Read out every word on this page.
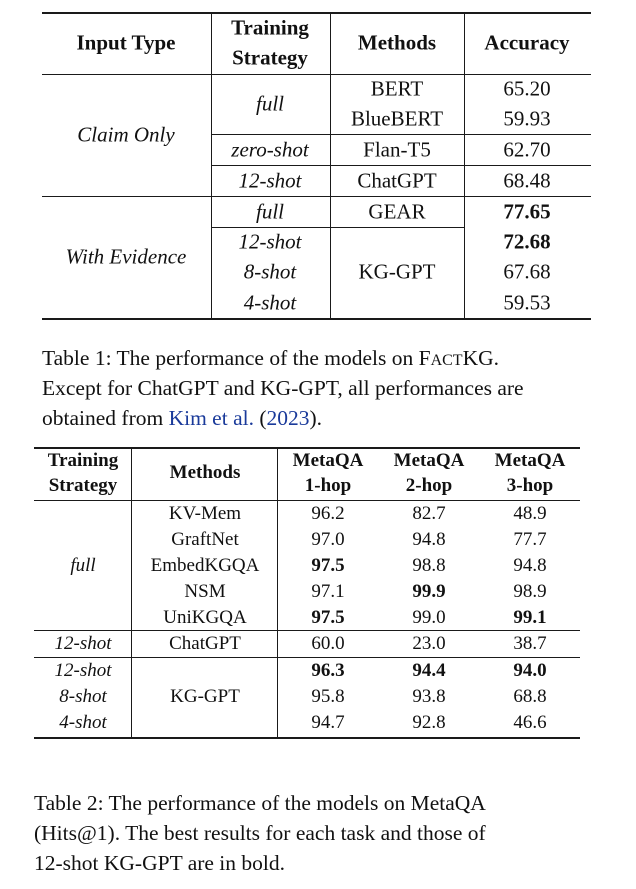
Input Type
Training
Strategy
Methods Accuracy
Claim Only
With Evidence
full
zero-shot
12-shot
full
12-shot
8-shot
4-shot
BERT
BlueBERT
Flan-T5
ChatGPT
GEAR
KG-GPT
65.20
59.93
62.70
68.48
77.65
72.68
67.68
59.53
Table 1: The performance of the models on FACTKG.
Except for ChatGPT and KG-GPT, all performances are
obtained from Kim et al. (2023).
Training
Strategy
Methods
MetaQA
1-hop
MetaQA
2-hop
MetaQA
3-hop
full
12-shot
12-shot
8-shot
4-shot
KV-Mem
GraftNet
EmbedKGQA
NSM
UniKGQA
ChatGPT
KG-GPT
96.2
97.0
97.5
97.1
97.5
60.0
96.3
95.8
94.7
82.7
94.8
98.8
99.9
99.0
23.0
94.4
93.8
92.8
48.9
77.7
94.8
98.9
99.1
38.7
94.0
68.8
46.6
Table 2: The performance of the models on MetaQA
(Hits@1). The best results for each task and those of
12-shot KG-GPT are in bold.
